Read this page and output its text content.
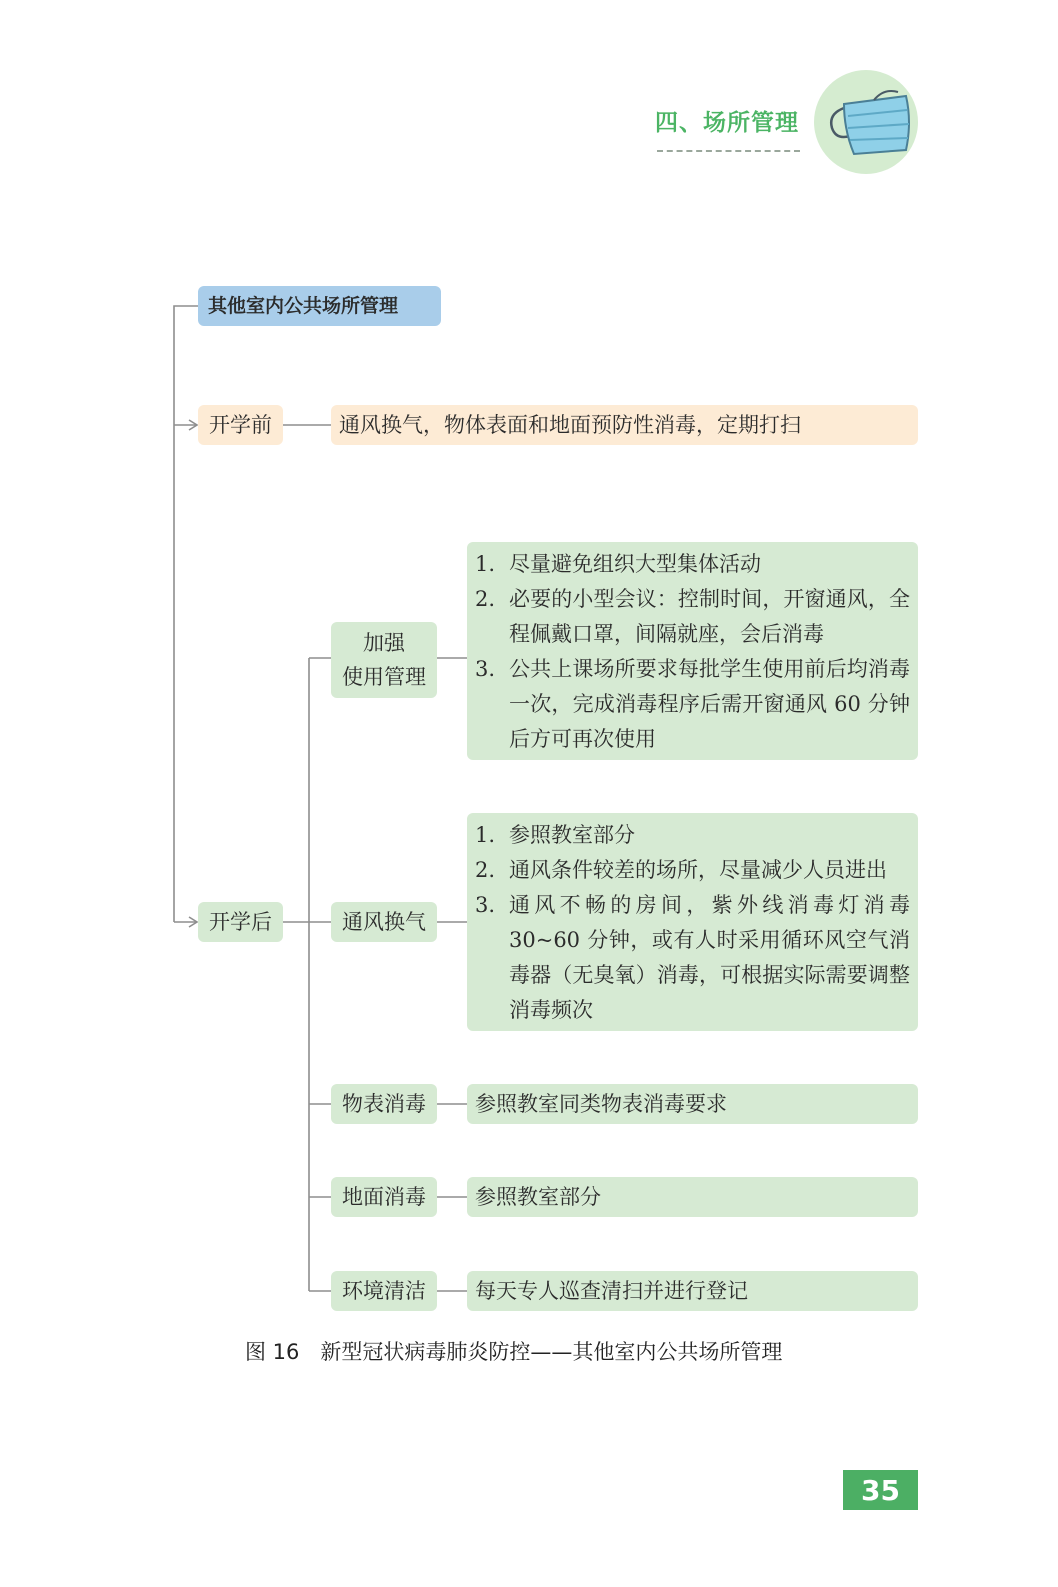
四、场所管理
其他室内公共场所管理
开学前	通风换气，物体表面和地面预防性消毒，定期打扫
开学后
加强
使用管理
1. 尽量避免组织大型集体活动
2. 必要的小型会议：控制时间，开窗通风，全程佩戴口罩，间隔就座，会后消毒
3. 公共上课场所要求每批学生使用前后均消毒一次，完成消毒程序后需开窗通风 60 分钟后方可再次使用
通风换气
1. 参照教室部分
2. 通风条件较差的场所，尽量减少人员进出
3. 通风不畅的房间，紫外线消毒灯消毒 30~60 分钟，或有人时采用循环风空气消毒器（无臭氧）消毒，可根据实际需要调整消毒频次
物表消毒	参照教室同类物表消毒要求
地面消毒	参照教室部分
环境清洁	每天专人巡查清扫并进行登记
图 16　新型冠状病毒肺炎防控——其他室内公共场所管理
35
